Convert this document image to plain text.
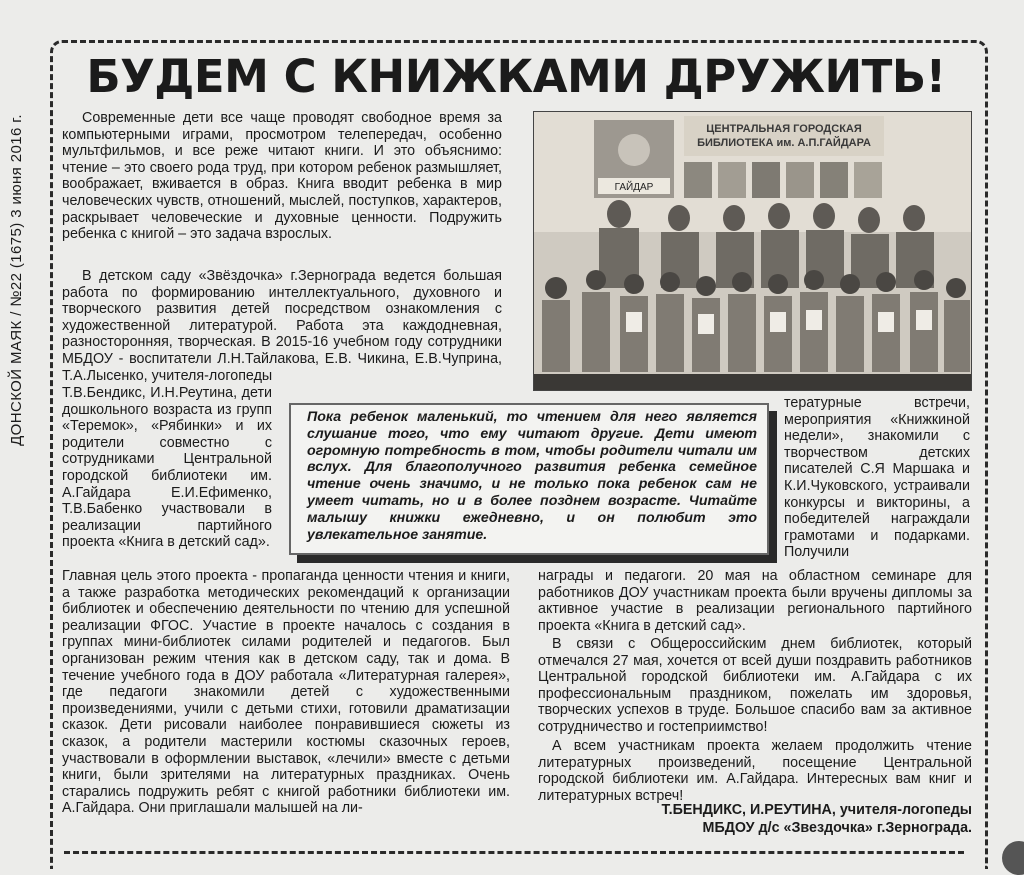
ДОНСКОЙ МАЯК / №22 (1675) 3 июня 2016 г.
БУДЕМ С КНИЖКАМИ ДРУЖИТЬ!

Современные дети все чаще проводят свободное время за компьютерными играми, просмотром телепередач, особенно мультфильмов, и все реже читают книги. И это объяснимо: чтение – это своего рода труд, при котором ребенок размышляет, воображает, вживается в образ. Книга вводит ребенка в мир человеческих чувств, отношений, мыслей, поступков, характеров, раскрывает человеческие и духовные ценности. Подружить ребенка с книгой – это задача взрослых.

В детском саду «Звёздочка» г.Зернограда ведется большая работа по формированию интеллектуального, духовного и творческого развития детей посредством ознакомления с художественной литературой. Работа эта каждодневная, разносторонняя, творческая. В 2015-16 учебном году сотрудники МБДОУ - воспитатели Л.Н.Тайлакова, Е.В. Чикина, Е.В.Чуприна, Т.А.Лысенко, учителя-логопеды

Т.В.Бендикс, И.Н.Реутина, дети дошкольного возраста из групп «Теремок», «Рябинки» и их родители совместно с сотрудниками Центральной городской библиотеки им. А.Гайдара Е.И.Ефименко, Т.В.Бабенко участвовали в реализации партийного проекта «Книга в детский сад».

Главная цель этого проекта - пропаганда ценности чтения и книги, а также разработка методических рекомендаций к организации библиотек и обеспечению деятельности по чтению для успешной реализации ФГОС. Участие в проекте началось с создания в группах мини-библиотек силами родителей и педагогов. Был организован режим чтения как в детском саду, так и дома. В течение учебного года в ДОУ работала «Литературная галерея», где педагоги знакомили детей с художественными произведениями, учили с детьми стихи, готовили драматизации сказок. Дети рисовали наиболее понравившиеся сюжеты из сказок, а родители мастерили костюмы сказочных героев, участвовали в оформлении выставок, «лечили» вместе с детьми книги, были зрителями на литературных праздниках. Очень старались подружить ребят с книгой работники библиотеки им. А.Гайдара. Они приглашали малышей на ли-

ЦЕНТРАЛЬНАЯ ГОРОДСКАЯ
БИБЛИОТЕКА им. А.П.ГАЙДАРА
ГАЙДАР

Пока ребенок маленький, то чтением для него является слушание того, что ему читают другие. Дети имеют огромную потребность в том, чтобы родители читали им вслух. Для благополучного развития ребенка семейное чтение очень значимо, и не только пока ребенок сам не умеет читать, но и в более позднем возрасте. Читайте малышу книжки ежедневно, и он полюбит это увлекательное занятие.

тературные встречи, мероприятия «Книжкиной недели», знакомили с творчеством детских писателей С.Я Маршака и К.И.Чуковского, устраивали конкурсы и викторины, а победителей награждали грамотами и подарками. Получили

награды и педагоги. 20 мая на областном семинаре для работников ДОУ участникам проекта были вручены дипломы за активное участие в реализации регионального партийного проекта «Книга в детский сад».

В связи с Общероссийским днем библиотек, который отмечался 27 мая, хочется от всей души поздравить работников Центральной городской библиотеки им. А.Гайдара с их профессиональным праздником, пожелать им здоровья, творческих успехов в труде. Большое спасибо вам за активное сотрудничество и гостеприимство!

А всем участникам проекта желаем продолжить чтение литературных произведений, посещение Центральной городской библиотеки им. А.Гайдара. Интересных вам книг и литературных встреч!

Т.БЕНДИКС, И.РЕУТИНА, учителя-логопеды

МБДОУ д/с «Звездочка» г.Зернограда.
